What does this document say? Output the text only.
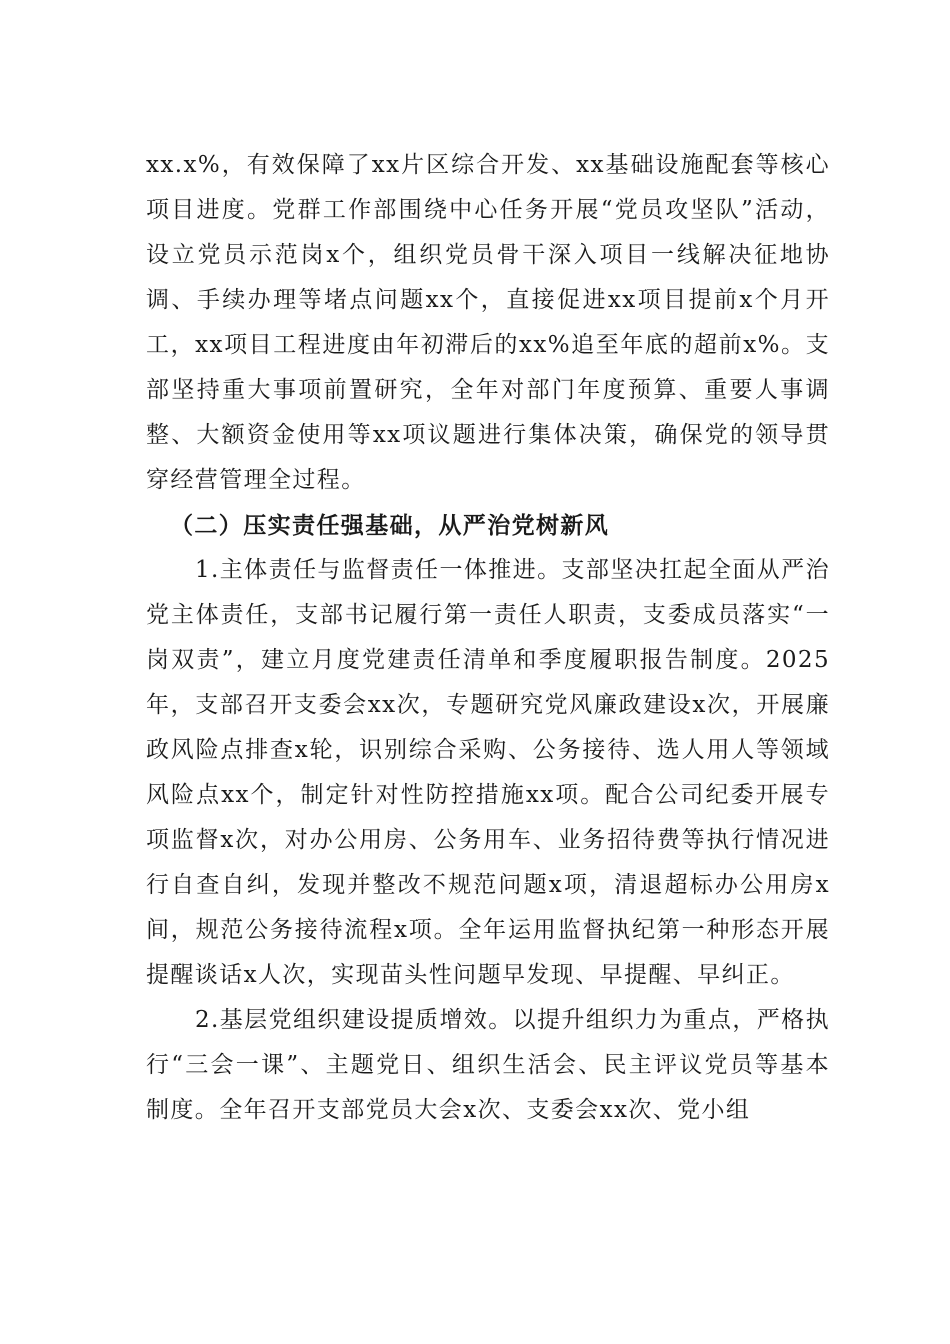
xx.x%，有效保障了xx片区综合开发、xx基础设施配套等核心项目进度。党群工作部围绕中心任务开展“党员攻坚队”活动，设立党员示范岗x个，组织党员骨干深入项目一线解决征地协调、手续办理等堵点问题xx个，直接促进xx项目提前x个月开工，xx项目工程进度由年初滞后的xx%追至年底的超前x%。支部坚持重大事项前置研究，全年对部门年度预算、重要人事调整、大额资金使用等xx项议题进行集体决策，确保党的领导贯穿经营管理全过程。

（二）压实责任强基础，从严治党树新风

1.主体责任与监督责任一体推进。支部坚决扛起全面从严治党主体责任，支部书记履行第一责任人职责，支委成员落实“一岗双责”，建立月度党建责任清单和季度履职报告制度。2025年，支部召开支委会xx次，专题研究党风廉政建设x次，开展廉政风险点排查x轮，识别综合采购、公务接待、选人用人等领域风险点xx个，制定针对性防控措施xx项。配合公司纪委开展专项监督x次，对办公用房、公务用车、业务招待费等执行情况进行自查自纠，发现并整改不规范问题x项，清退超标办公用房x间，规范公务接待流程x项。全年运用监督执纪第一种形态开展提醒谈话x人次，实现苗头性问题早发现、早提醒、早纠正。

2.基层党组织建设提质增效。以提升组织力为重点，严格执行“三会一课”、主题党日、组织生活会、民主评议党员等基本制度。全年召开支部党员大会x次、支委会xx次、党小组
